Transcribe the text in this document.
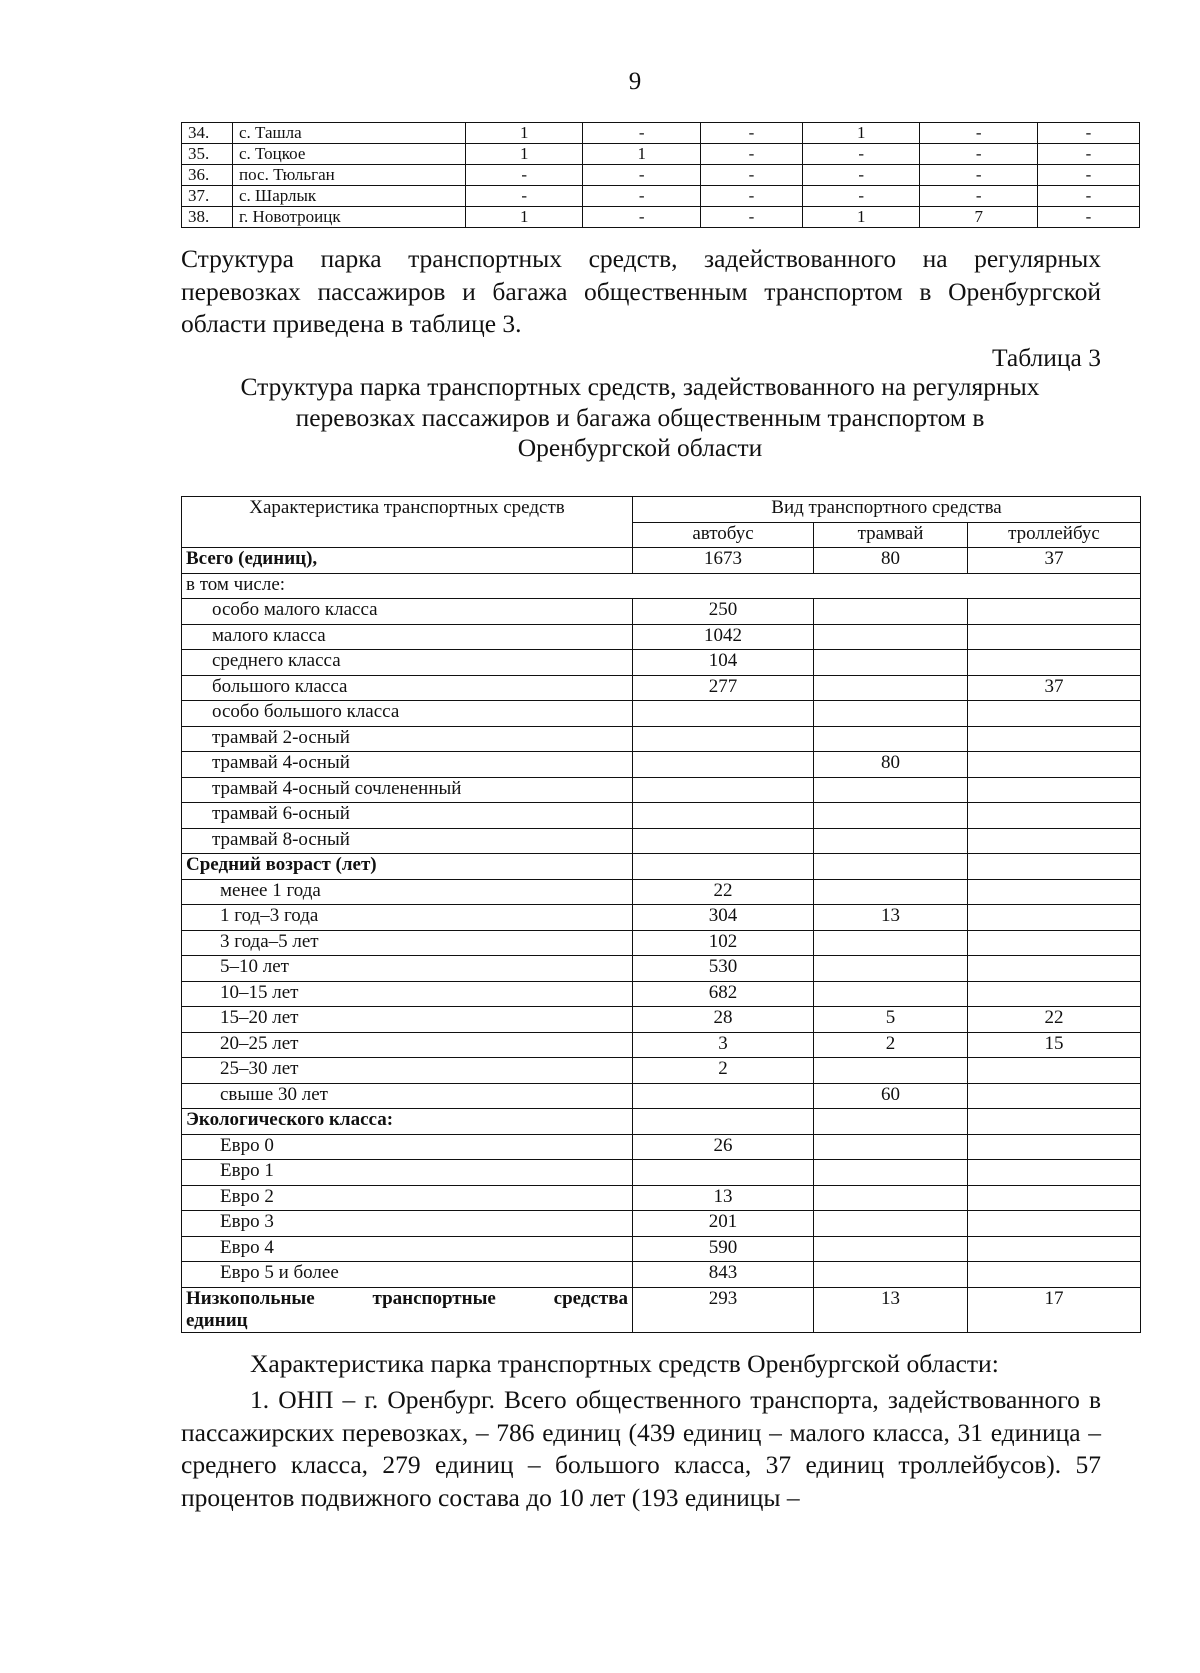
9
34.	с. Ташла	1	-	-	1	-	-
35.	с. Тоцкое	1	1	-	-	-	-
36.	пос. Тюльган	-	-	-	-	-	-
37.	с. Шарлык	-	-	-	-	-	-
38.	г. Новотроицк	1	-	-	1	7	-
Структура парка транспортных средств, задействованного на регулярных перевозках пассажиров и багажа общественным транспортом в Оренбургской области приведена в таблице 3.
Таблица 3
Структура парка транспортных средств, задействованного на регулярных перевозках пассажиров и багажа общественным транспортом в Оренбургской области
Характеристика транспортных средств	Вид транспортного средства		
	автобус	трамвай	троллейбус
Всего (единиц),	1673	80	37
в том числе:			
особо малого класса	250		
малого класса	1042		
среднего класса	104		
большого класса	277		37
особо большого класса			
трамвай 2-осный			
трамвай 4-осный		80	
трамвай 4-осный сочлененный			
трамвай 6-осный			
трамвай 8-осный			
Средний возраст (лет)			
менее 1 года	22		
1 год–3 года	304	13	
3 года–5 лет	102		
5–10 лет	530		
10–15 лет	682		
15–20 лет	28	5	22
20–25 лет	3	2	15
25–30 лет	2		
свыше 30 лет		60	
Экологического класса:			
Евро 0	26		
Евро 1			
Евро 2	13		
Евро 3	201		
Евро 4	590		
Евро 5 и более	843		
Низкопольные транспортные средства
единиц	293	13	17
Характеристика парка транспортных средств Оренбургской области:
1. ОНП – г. Оренбург. Всего общественного транспорта, задействованного в пассажирских перевозках, – 786 единиц (439 единиц – малого класса, 31 единица – среднего класса, 279 единиц – большого класса, 37 единиц троллейбусов). 57 процентов подвижного состава до 10 лет (193 единицы –
